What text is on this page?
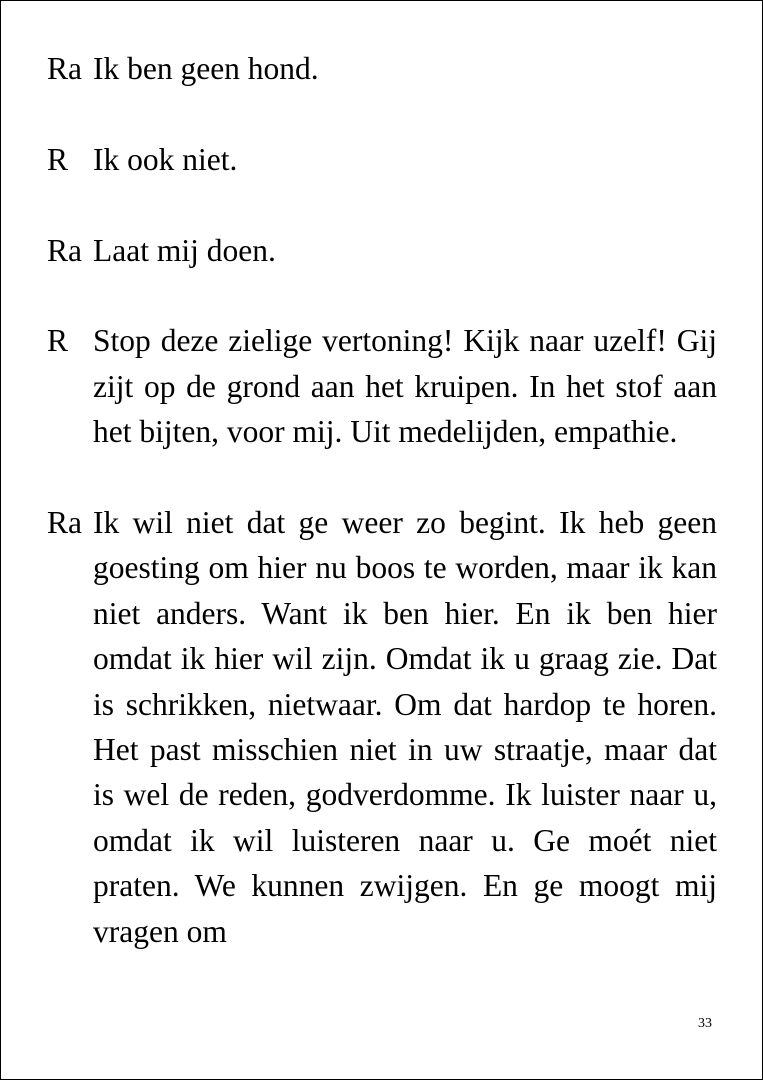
Ra Ik ben geen hond.
R Ik ook niet.
Ra Laat mij doen.
R Stop deze zielige vertoning! Kijk naar uzelf! Gij zijt op de grond aan het kruipen. In het stof aan het bijten, voor mij. Uit medelijden, empathie.
Ra Ik wil niet dat ge weer zo begint. Ik heb geen goesting om hier nu boos te worden, maar ik kan niet anders. Want ik ben hier. En ik ben hier omdat ik hier wil zijn. Omdat ik u graag zie. Dat is schrikken, nietwaar. Om dat hardop te horen. Het past misschien niet in uw straatje, maar dat is wel de reden, godverdomme. Ik luister naar u, omdat ik wil luisteren naar u. Ge moét niet praten. We kunnen zwijgen. En ge moogt mij vragen om
33
